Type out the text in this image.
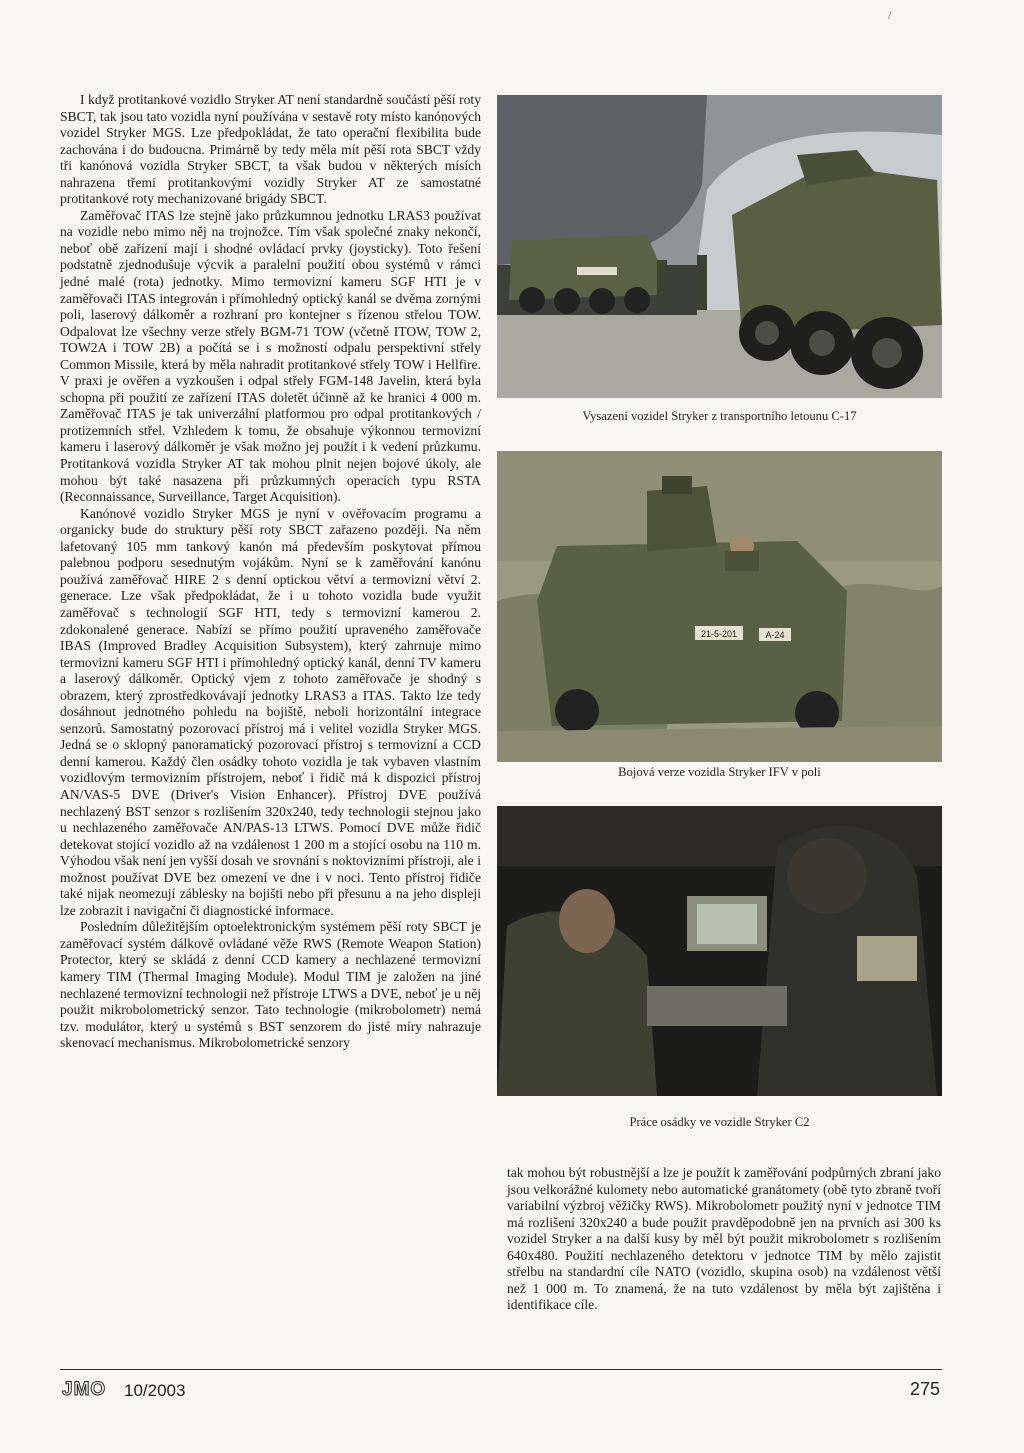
/

I když protitankové vozidlo Stryker AT není standardně součástí pěší roty SBCT, tak jsou tato vozidla nyní používána v sestavě roty místo kanónových vozidel Stryker MGS. Lze předpokládat, že tato operační flexibilita bude zachována i do budoucna. Primárně by tedy měla mít pěší rota SBCT vždy tři kanónová vozidla Stryker SBCT, ta však budou v některých mísích nahrazena třemi protitankovými vozidly Stryker AT ze samostatné protitankové roty mechanizované brigády SBCT.

Zaměřovač ITAS lze stejně jako průzkumnou jednotku LRAS3 používat na vozidle nebo mimo něj na trojnožce. Tím však společné znaky nekončí, neboť obě zařízení mají i shodné ovládací prvky (joysticky). Toto řešení podstatně zjednodušuje výcvik a paralelní použití obou systémů v rámci jedné malé (rota) jednotky. Mimo termovizní kameru SGF HTI je v zaměřovači ITAS integrován i přímohledný optický kanál se dvěma zornými poli, laserový dálkoměr a rozhraní pro kontejner s řízenou střelou TOW. Odpalovat lze všechny verze střely BGM-71 TOW (včetně ITOW, TOW 2, TOW2A i TOW 2B) a počítá se i s možností odpalu perspektivní střely Common Missile, která by měla nahradit protitankové střely TOW i Hellfire. V praxi je ověřen a vyzkoušen i odpal střely FGM-148 Javelin, která byla schopna při použití ze zařízení ITAS doletět účinně až ke hranici 4 000 m. Zaměřovač ITAS je tak univerzální platformou pro odpal protitankových / protizemních střel. Vzhledem k tomu, že obsahuje výkonnou termovizní kameru i laserový dálkoměr je však možno jej použít i k vedení průzkumu. Protitanková vozidla Stryker AT tak mohou plnit nejen bojové úkoly, ale mohou být také nasazena při průzkumných operacích typu RSTA (Reconnaissance, Surveillance, Target Acquisition).

Kanónové vozidlo Stryker MGS je nyní v ověřovacím programu a organicky bude do struktury pěší roty SBCT zařazeno později. Na něm lafetovaný 105 mm tankový kanón má především poskytovat přímou palebnou podporu sesednutým vojákům. Nyní se k zaměřování kanónu používá zaměřovač HIRE 2 s denní optickou větví a termovizní větví 2. generace. Lze však předpokládat, že i u tohoto vozidla bude využit zaměřovač s technologií SGF HTI, tedy s termovizní kamerou 2. zdokonalené generace. Nabízí se přímo použití upraveného zaměřovače IBAS (Improved Bradley Acquisition Subsystem), který zahrnuje mimo termovizní kameru SGF HTI i přímohledný optický kanál, denní TV kameru a laserový dálkoměr. Optický vjem z tohoto zaměřovače je shodný s obrazem, který zprostředkovávají jednotky LRAS3 a ITAS. Takto lze tedy dosáhnout jednotného pohledu na bojiště, neboli horizontální integrace senzorů. Samostatný pozorovací přístroj má i velitel vozidla Stryker MGS. Jedná se o sklopný panoramatický pozorovací přístroj s termovizní a CCD denní kamerou. Každý člen osádky tohoto vozidla je tak vybaven vlastním vozidlovým termovizním přístrojem, neboť i řidič má k dispozici přístroj AN/VAS-5 DVE (Driver's Vision Enhancer). Přístroj DVE používá nechlazený BST senzor s rozlišením 320x240, tedy technologii stejnou jako u nechlazeného zaměřovače AN/PAS-13 LTWS. Pomocí DVE může řidič detekovat stojící vozidlo až na vzdálenost 1 200 m a stojící osobu na 110 m. Výhodou však není jen vyšší dosah ve srovnání s noktovizními přístroji, ale i možnost používat DVE bez omezení ve dne i v noci. Tento přístroj řidiče také nijak neomezují záblesky na bojišti nebo při přesunu a na jeho displeji lze zobrazit i navigační či diagnostické informace.

Posledním důležitějším optoelektronickým systémem pěší roty SBCT je zaměřovací systém dálkově ovládané věže RWS (Remote Weapon Station) Protector, který se skládá z denní CCD kamery a nechlazené termovizní kamery TIM (Thermal Imaging Module). Modul TIM je založen na jiné nechlazené termovizní technologii než přístroje LTWS a DVE, neboť je u něj použit mikrobolometrický senzor. Tato technologie (mikrobolometr) nemá tzv. modulátor, který u systémů s BST senzorem do jisté míry nahrazuje skenovací mechanismus. Mikrobolometrické senzory

Vysazení vozidel Stryker z transportního letounu C-17
21-5-201	A-24
Bojová verze vozidla Stryker IFV v poli
Práce osádky ve vozidle Stryker C2

tak mohou být robustnější a lze je použít k zaměřování podpůrných zbraní jako jsou velkorážné kulomety nebo automatické granátomety (obě tyto zbraně tvoří variabilní výzbroj věžičky RWS). Mikrobolometr použitý nyní v jednotce TIM má rozlišení 320x240 a bude použit pravděpodobně jen na prvních asi 300 ks vozidel Stryker a na další kusy by měl být použit mikrobolometr s rozlišením 640x480. Použití nechlazeného detektoru v jednotce TIM by mělo zajistit střelbu na standardní cíle NATO (vozidlo, skupina osob) na vzdálenost větší než 1 000 m. To znamená, že na tuto vzdálenost by měla být zajištěna i identifikace cíle.

JMO 10/2003	275
